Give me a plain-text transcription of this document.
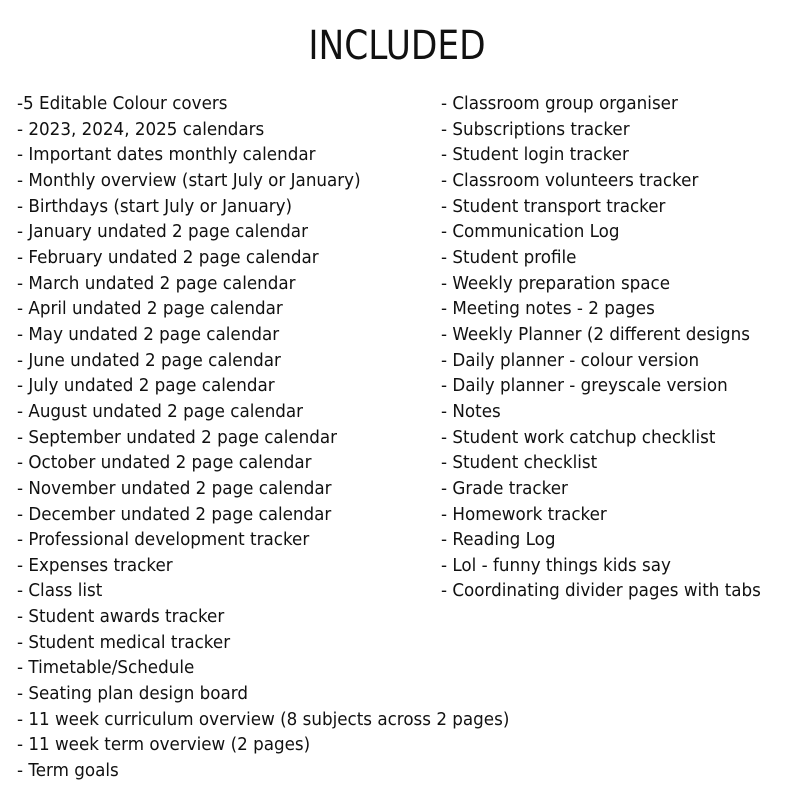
INCLUDED
-5 Editable Colour covers
- 2023, 2024, 2025 calendars
- Important dates monthly calendar
- Monthly overview (start July or January)
- Birthdays (start July or January)
- January undated 2 page calendar
- February undated 2 page calendar
- March undated 2 page calendar
- April undated 2 page calendar
- May undated 2 page calendar
- June undated 2 page calendar
- July undated 2 page calendar
- August undated 2 page calendar
- September undated 2 page calendar
- October undated 2 page calendar
- November undated 2 page calendar
- December undated 2 page calendar
- Professional development tracker
- Expenses tracker
- Class list
- Student awards tracker
- Student medical tracker
- Timetable/Schedule
- Seating plan design board
- 11 week curriculum overview (8 subjects across 2 pages)
- 11 week term overview (2 pages)
- Term goals
- Classroom group organiser
- Subscriptions tracker
- Student login tracker
- Classroom volunteers tracker
- Student transport tracker
- Communication Log
- Student profile
- Weekly preparation space
- Meeting notes - 2 pages
- Weekly Planner (2 different designs
- Daily planner - colour version
- Daily planner - greyscale version
- Notes
- Student work catchup checklist
- Student checklist
- Grade tracker
- Homework tracker
- Reading Log
- Lol - funny things kids say
- Coordinating divider pages with tabs
